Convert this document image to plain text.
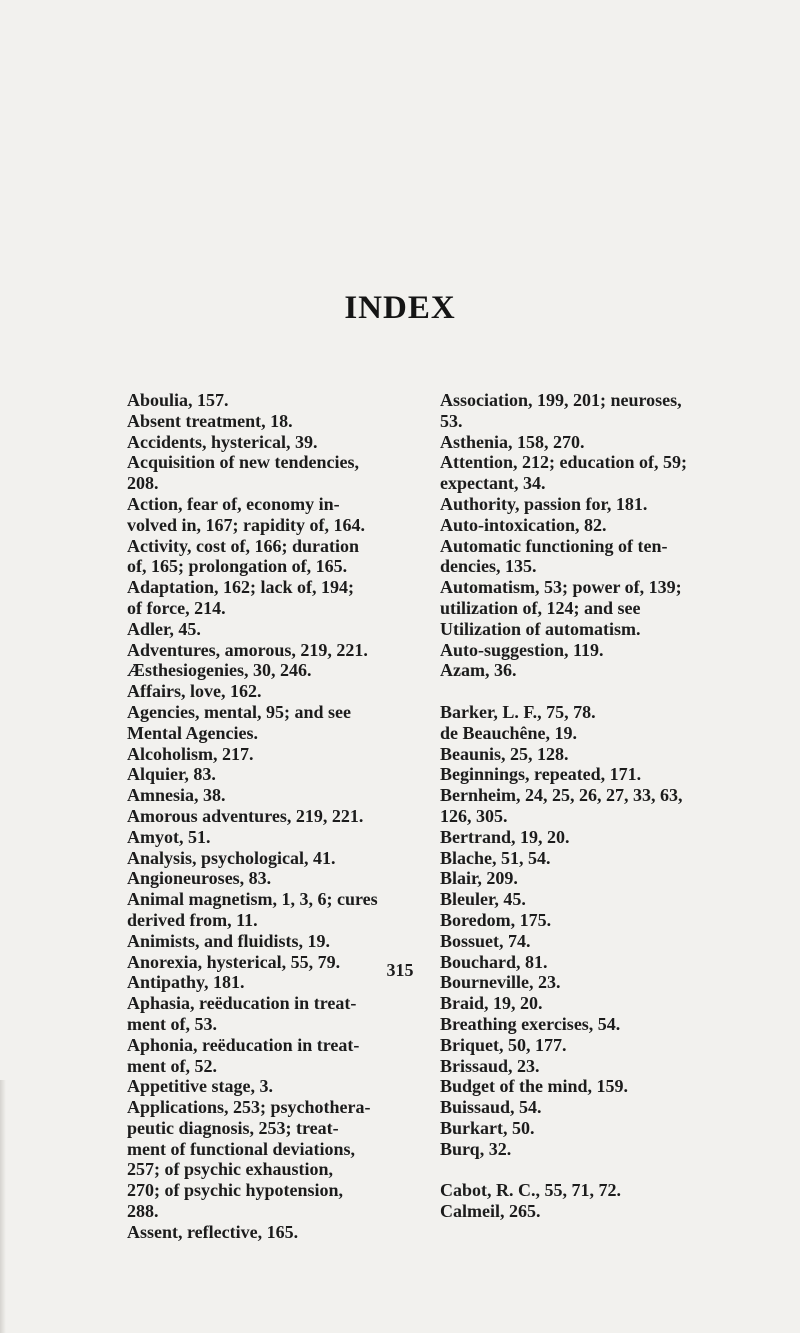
INDEX
Aboulia, 157.
Absent treatment, 18.
Accidents, hysterical, 39.
Acquisition of new tendencies,
208.
Action, fear of, economy in-
volved in, 167; rapidity of, 164.
Activity, cost of, 166; duration
of, 165; prolongation of, 165.
Adaptation, 162; lack of, 194;
of force, 214.
Adler, 45.
Adventures, amorous, 219, 221.
Æsthesiogenies, 30, 246.
Affairs, love, 162.
Agencies, mental, 95; and see
Mental Agencies.
Alcoholism, 217.
Alquier, 83.
Amnesia, 38.
Amorous adventures, 219, 221.
Amyot, 51.
Analysis, psychological, 41.
Angioneuroses, 83.
Animal magnetism, 1, 3, 6; cures
derived from, 11.
Animists, and fluidists, 19.
Anorexia, hysterical, 55, 79.
Antipathy, 181.
Aphasia, reëducation in treat-
ment of, 53.
Aphonia, reëducation in treat-
ment of, 52.
Appetitive stage, 3.
Applications, 253; psychothera-
peutic diagnosis, 253; treat-
ment of functional deviations,
257; of psychic exhaustion,
270; of psychic hypotension,
288.
Assent, reflective, 165.
Association, 199, 201; neuroses,
53.
Asthenia, 158, 270.
Attention, 212; education of, 59;
expectant, 34.
Authority, passion for, 181.
Auto-intoxication, 82.
Automatic functioning of ten-
dencies, 135.
Automatism, 53; power of, 139;
utilization of, 124; and see
Utilization of automatism.
Auto-suggestion, 119.
Azam, 36.
Barker, L. F., 75, 78.
de Beauchêne, 19.
Beaunis, 25, 128.
Beginnings, repeated, 171.
Bernheim, 24, 25, 26, 27, 33, 63,
126, 305.
Bertrand, 19, 20.
Blache, 51, 54.
Blair, 209.
Bleuler, 45.
Boredom, 175.
Bossuet, 74.
Bouchard, 81.
Bourneville, 23.
Braid, 19, 20.
Breathing exercises, 54.
Briquet, 50, 177.
Brissaud, 23.
Budget of the mind, 159.
Buissaud, 54.
Burkart, 50.
Burq, 32.
Cabot, R. C., 55, 71, 72.
Calmeil, 265.
315
